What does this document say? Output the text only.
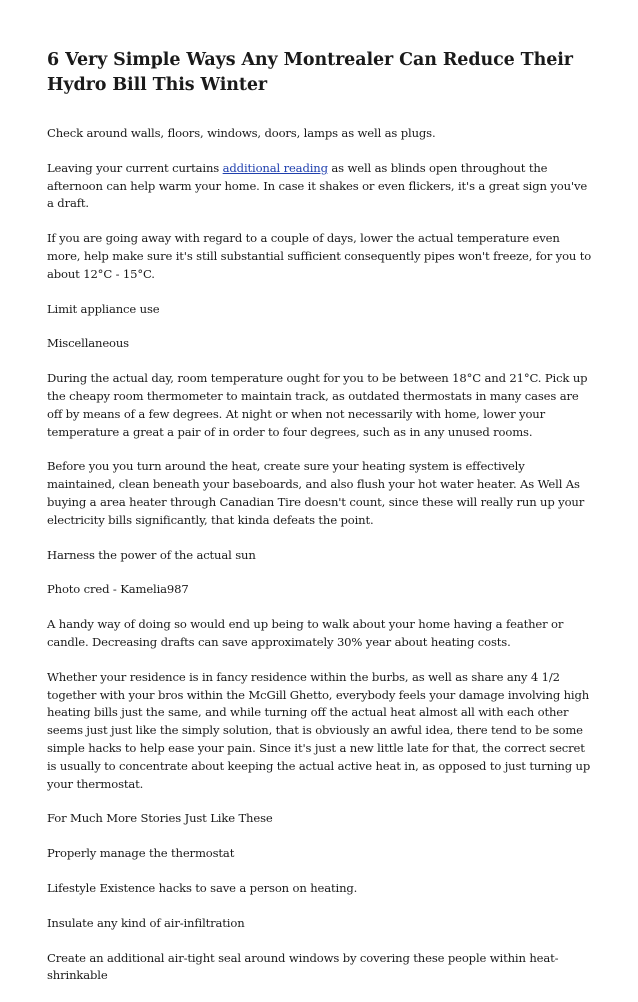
6 Very Simple Ways Any Montrealer Can Reduce Their Hydro Bill This Winter

Check around walls, floors, windows, doors, lamps as well as plugs.

Leaving your current curtains additional reading as well as blinds open throughout the afternoon can help warm your home. In case it shakes or even flickers, it's a great sign you've a draft.

If you are going away with regard to a couple of days, lower the actual temperature even more, help make sure it's still substantial sufficient consequently pipes won't freeze, for you to about 12°C - 15°C.

Limit appliance use

Miscellaneous

During the actual day, room temperature ought for you to be between 18°C and 21°C. Pick up the cheapy room thermometer to maintain track, as outdated thermostats in many cases are off by means of a few degrees. At night or when not necessarily with home, lower your temperature a great a pair of in order to four degrees, such as in any unused rooms.

Before you you turn around the heat, create sure your heating system is effectively maintained, clean beneath your baseboards, and also flush your hot water heater. As Well As buying a area heater through Canadian Tire doesn't count, since these will really run up your electricity bills significantly, that kinda defeats the point.

Harness the power of the actual sun

Photo cred - Kamelia987

A handy way of doing so would end up being to walk about your home having a feather or candle. Decreasing drafts can save approximately 30% year about heating costs.

Whether your residence is in fancy residence within the burbs, as well as share any 4 1/2 together with your bros within the McGill Ghetto, everybody feels your damage involving high heating bills just the same, and while turning off the actual heat almost all with each other seems just just like the simply solution, that is obviously an awful idea, there tend to be some simple hacks to help ease your pain. Since it's just a new little late for that, the correct secret is usually to concentrate about keeping the actual active heat in, as opposed to just turning up your thermostat.

For Much More Stories Just Like These

Properly manage the thermostat

Lifestyle Existence hacks to save a person on heating.

Insulate any kind of air-infiltration

Create an additional air-tight seal around windows by covering these people within heat-shrinkable
